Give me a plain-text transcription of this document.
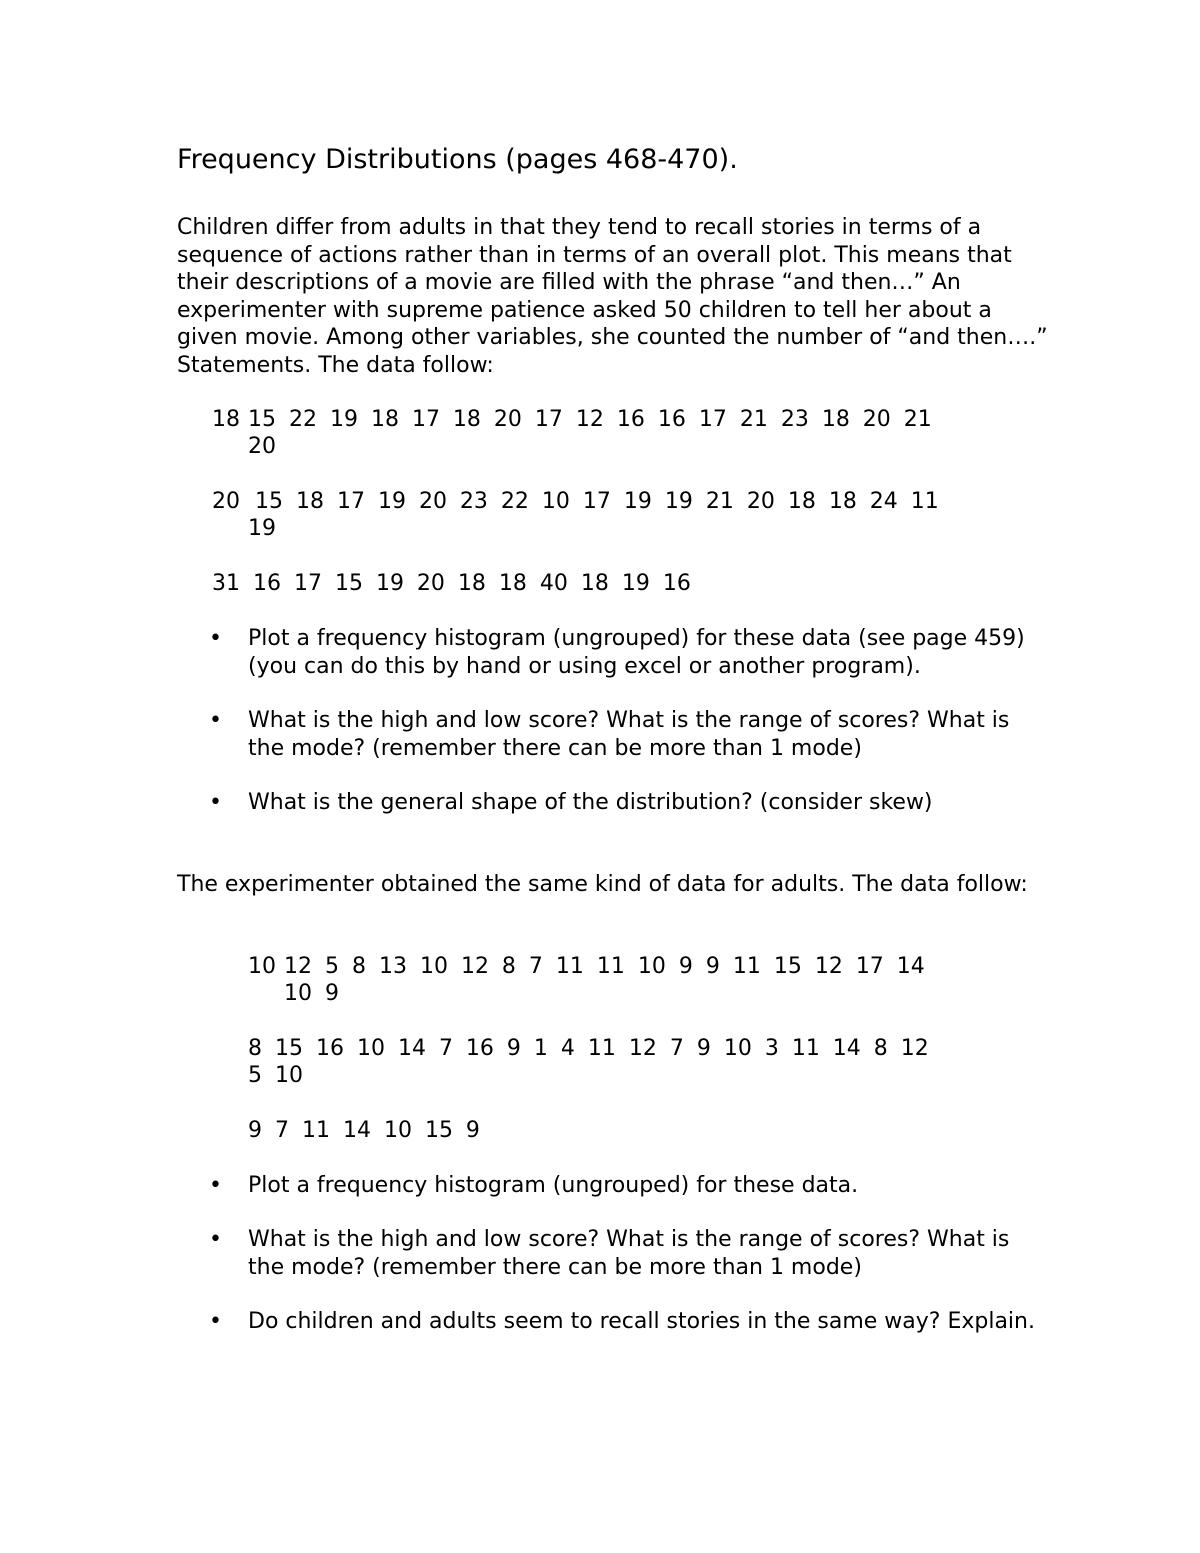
Frequency Distributions (pages 468-470).
Children differ from adults in that they tend to recall stories in terms of a sequence of actions rather than in terms of an overall plot. This means that their descriptions of a movie are filled with the phrase “and then…” An experimenter with supreme patience asked 50 children to tell her about a given movie. Among other variables, she counted the number of “and then….” Statements. The data follow:
18 15 22 19 18 17 18 20 17 12 16 16 17 21 23 18 20 21
20
20 15 18 17 19 20 23 22 10 17 19 19 21 20 18 18 24 11
19
31 16 17 15 19 20 18 18 40 18 19 16
•	Plot a frequency histogram (ungrouped) for these data (see page 459)(you can do this by hand or using excel or another program).
•	What is the high and low score? What is the range of scores? What is the mode? (remember there can be more than 1 mode)
•	What is the general shape of the distribution? (consider skew)
The experimenter obtained the same kind of data for adults. The data follow:
10 12 5 8 13 10 12 8 7 11 11 10 9 9 11 15 12 17 14
10 9
8 15 16 10 14 7 16 9 1 4 11 12 7 9 10 3 11 14 8 12
5 10
9 7 11 14 10 15 9
•	Plot a frequency histogram (ungrouped) for these data.
•	What is the high and low score? What is the range of scores? What is the mode? (remember there can be more than 1 mode)
•	Do children and adults seem to recall stories in the same way? Explain.
